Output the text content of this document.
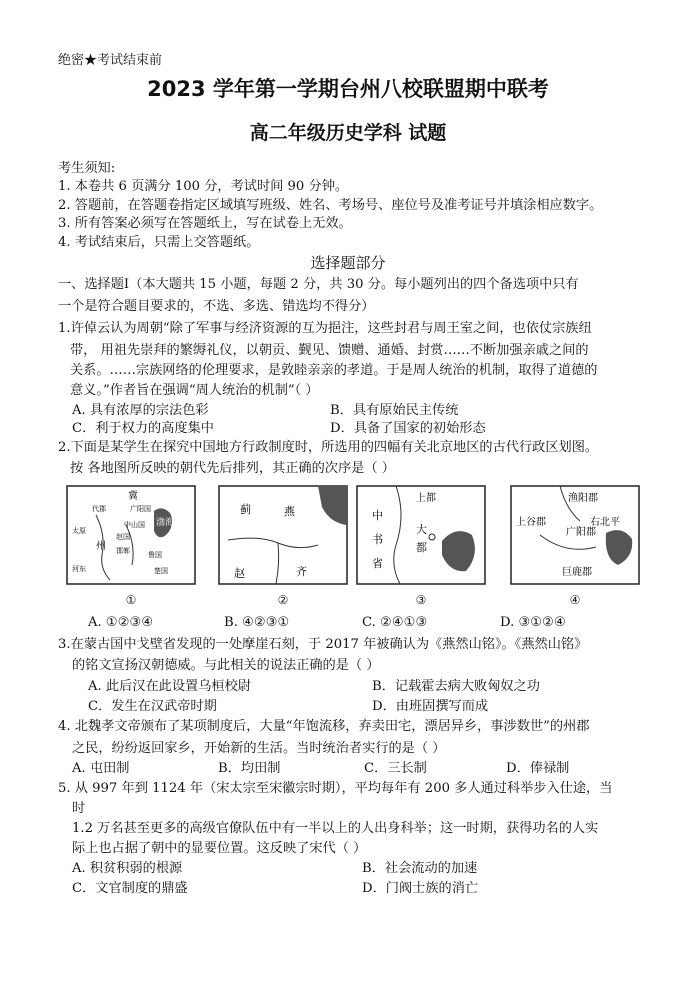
绝密★考试结束前
2023 学年第一学期台州八校联盟期中联考
高二年级历史学科 试题
考生须知:
1. 本卷共 6 页满分 100 分，考试时间 90 分钟。
2. 答题前，在答题卷指定区域填写班级、姓名、考场号、座位号及准考证号并填涂相应数字。
3. 所有答案必须写在答题纸上，写在试卷上无效。
4. 考试结束后，只需上交答题纸。
选择题部分
一、选择题Ⅰ（本大题共 15 小题，每题 2 分，共 30 分。每小题列出的四个备选项中只有
一个是符合题目要求的，不选、多选、错选均不得分）
1.许倬云认为周朝“除了军事与经济资源的互为挹注，这些封君与周王室之间，也依仗宗族纽
带， 用祖先崇拜的繁缛礼仪，以朝贡、觐见、馈赠、通婚、封赏……不断加强亲戚之间的
关系。……宗族网络的伦理要求，是敦睦亲亲的孝道。于是周人统治的机制，取得了道德的
意义。”作者旨在强调“周人统治的机制”（ ）
A. 具有浓厚的宗法色彩	B．具有原始民主传统
C．利于权力的高度集中	D．具备了国家的初始形态
2.下面是某学生在探究中国地方行政制度时，所选用的四幅有关北京地区的古代行政区划图。
按 各地图所反映的朝代先后排列，其正确的次序是（ ）
冀
代郡	广阳国
中山国 渤海
太原
州 邯郸
河东
鲁国
楚国
赵国
①
蓟	燕
赵	齐
②
上都
中
大
书
都
省
③
渔阳郡
上谷郡	右北平
广阳郡
巨鹿郡
④
A. ①②③④	B. ④②③①	C. ②④①③	D. ③①②④
3.在蒙古国中戈壁省发现的一处摩崖石刻，于 2017 年被确认为《燕然山铭》。《燕然山铭》
的铭文宣扬汉朝德威。与此相关的说法正确的是（ ）
A. 此后汉在此设置乌桓校尉	B．记载霍去病大败匈奴之功
C．发生在汉武帝时期	D．由班固撰写而成
4. 北魏孝文帝颁布了某项制度后，大量“年饱流移，弃卖田宅，漂居异乡，事涉数世”的州郡
之民，纷纷返回家乡，开始新的生活。当时统治者实行的是（ ）
A. 屯田制	B．均田制	C．三长制	D．俸禄制
5. 从 997 年到 1124 年（宋太宗至宋徽宗时期），平均每年有 200 多人通过科举步入仕途，当
时
1.2 万名甚至更多的高级官僚队伍中有一半以上的人出身科举；这一时期，获得功名的人实
际上也占据了朝中的显要位置。这反映了宋代（ ）
A. 积贫积弱的根源	B．社会流动的加速
C．文官制度的鼎盛	D．门阀士族的消亡
